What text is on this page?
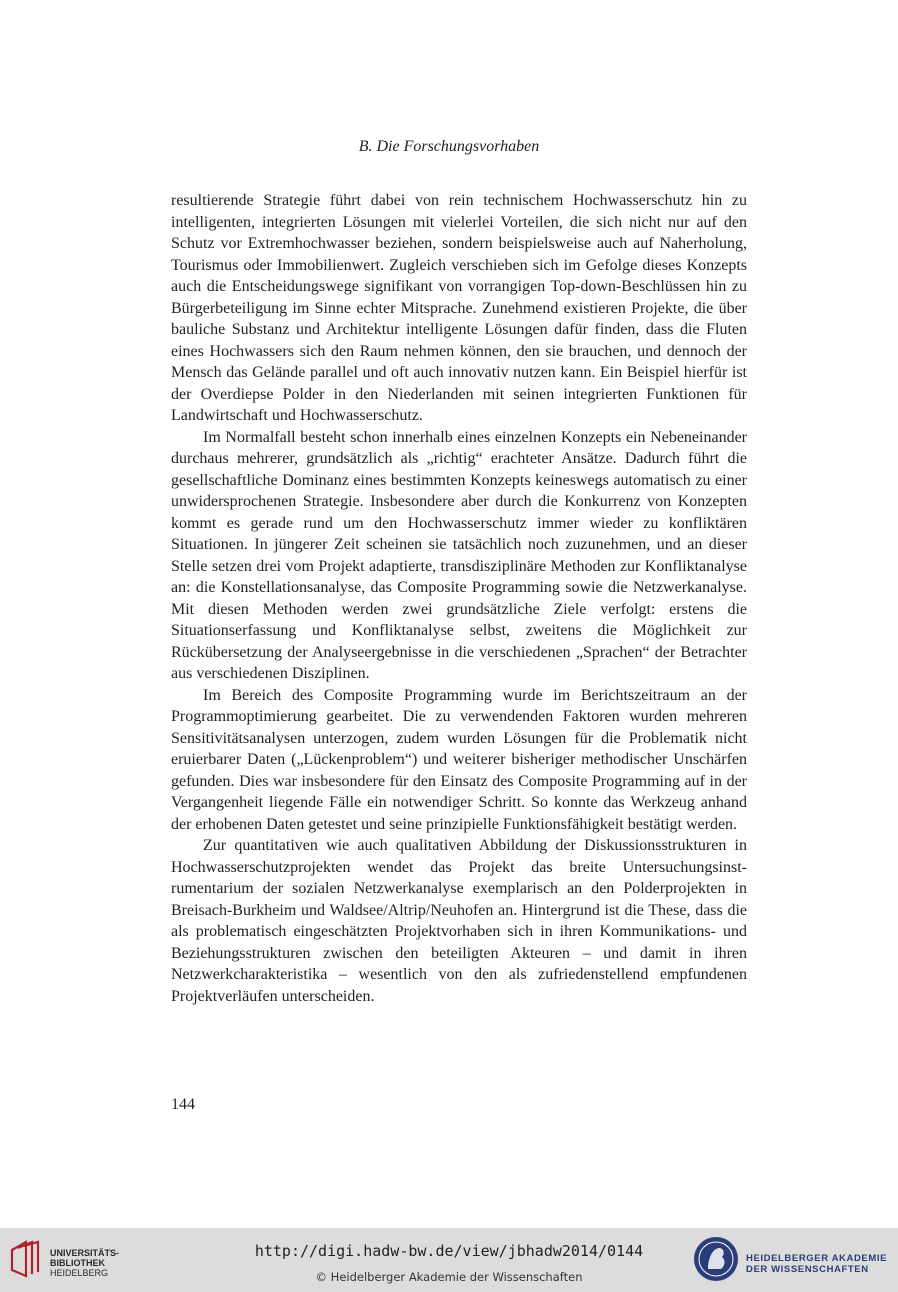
B. Die Forschungsvorhaben

resultierende Strategie führt dabei von rein technischem Hochwasserschutz hin zu intelligenten, integrierten Lösungen mit vielerlei Vorteilen, die sich nicht nur auf den Schutz vor Extremhochwasser beziehen, sondern beispielsweise auch auf Naherholung, Tourismus oder Immobilienwert. Zugleich verschieben sich im Gefolge dieses Konzepts auch die Entscheidungswege signifikant von vorrangigen Top-down-Beschlüssen hin zu Bürgerbeteiligung im Sinne echter Mitsprache. Zunehmend existieren Projekte, die über bauliche Substanz und Architektur intelligente Lösungen dafür finden, dass die Fluten eines Hochwassers sich den Raum nehmen können, den sie brauchen, und dennoch der Mensch das Gelände parallel und oft auch innovativ nutzen kann. Ein Beispiel hierfür ist der Overdiepse Polder in den Niederlanden mit seinen integrierten Funktionen für Landwirtschaft und Hochwasserschutz.

Im Normalfall besteht schon innerhalb eines einzelnen Konzepts ein Nebeneinander durchaus mehrerer, grundsätzlich als „richtig“ erachteter Ansätze. Dadurch führt die gesellschaftliche Dominanz eines bestimmten Konzepts keineswegs automatisch zu einer unwidersprochenen Strategie. Insbesondere aber durch die Konkurrenz von Konzepten kommt es gerade rund um den Hochwasserschutz immer wieder zu konfliktären Situationen. In jüngerer Zeit scheinen sie tatsächlich noch zuzunehmen, und an dieser Stelle setzen drei vom Projekt adaptierte, transdisziplinäre Methoden zur Konfliktanalyse an: die Konstellationsanalyse, das Composite Programming sowie die Netzwerkanalyse. Mit diesen Methoden werden zwei grundsätzliche Ziele verfolgt: erstens die Situationserfassung und Konfliktanalyse selbst, zweitens die Möglichkeit zur Rückübersetzung der Analyseergebnisse in die verschiedenen „Sprachen“ der Betrachter aus verschiedenen Disziplinen.

Im Bereich des Composite Programming wurde im Berichtszeitraum an der Programmoptimierung gearbeitet. Die zu verwendenden Faktoren wurden mehreren Sensitivitätsanalysen unterzogen, zudem wurden Lösungen für die Problematik nicht eruierbarer Daten („Lückenproblem“) und weiterer bisheriger methodischer Unschärfen gefunden. Dies war insbesondere für den Einsatz des Composite Programming auf in der Vergangenheit liegende Fälle ein notwendiger Schritt. So konnte das Werkzeug anhand der erhobenen Daten getestet und seine prinzipielle Funktionsfähigkeit bestätigt werden.

Zur quantitativen wie auch qualitativen Abbildung der Diskussionsstrukturen in Hochwasserschutzprojekten wendet das Projekt das breite Untersuchungsinstrumentarium der sozialen Netzwerkanalyse exemplarisch an den Polderprojekten in Breisach-Burkheim und Waldsee/Altrip/Neuhofen an. Hintergrund ist die These, dass die als problematisch eingeschätzten Projektvorhaben sich in ihren Kommunikations- und Beziehungsstrukturen zwischen den beteiligten Akteuren – und damit in ihren Netzwerkcharakteristika – wesentlich von den als zufriedenstellend empfundenen Projektverläufen unterscheiden.

144
UNIVERSITÄTS-
BIBLIOTHEK
HEIDELBERG
http://digi.hadw-bw.de/view/jbhadw2014/0144
© Heidelberger Akademie der Wissenschaften
HEIDELBERGER AKADEMIE
DER WISSENSCHAFTEN
